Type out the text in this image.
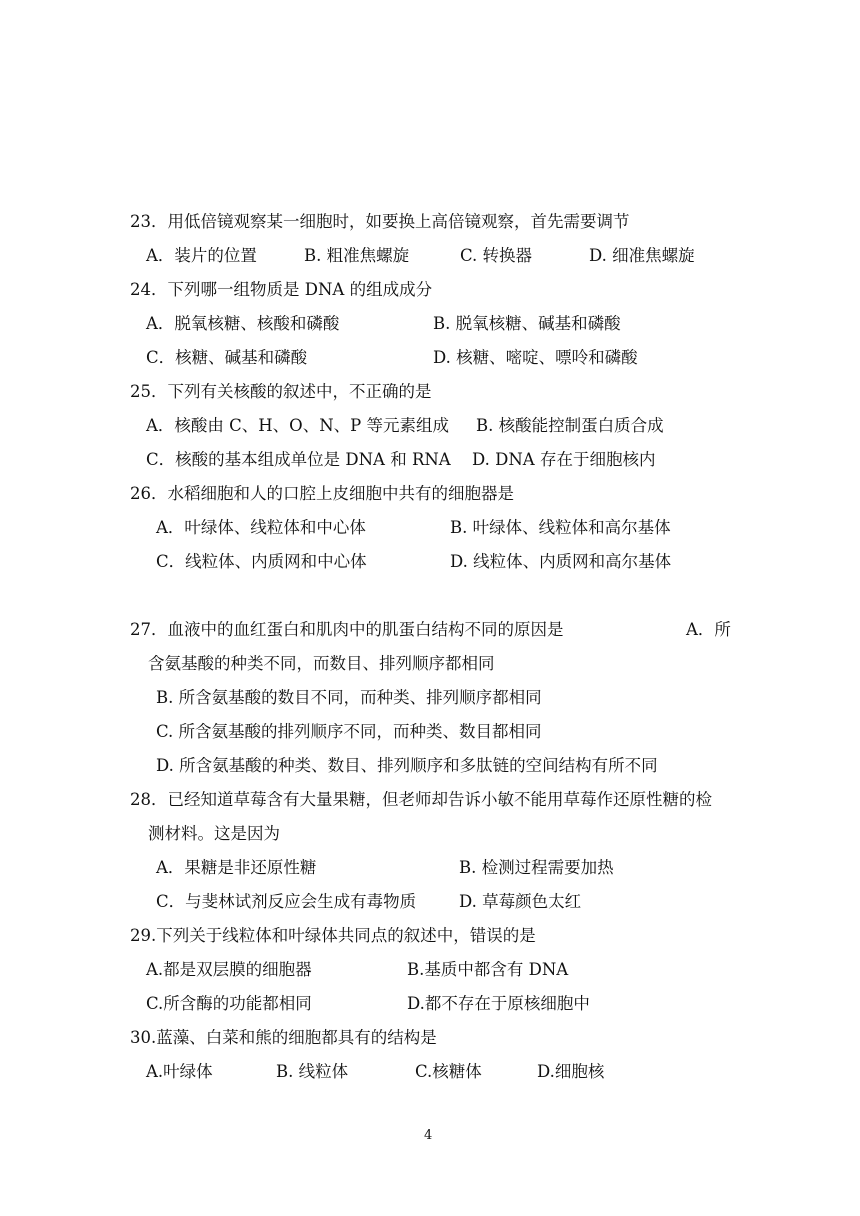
23．用低倍镜观察某一细胞时，如要换上高倍镜观察，首先需要调节
A．装片的位置	B. 粗准焦螺旋	C. 转换器	D. 细准焦螺旋
24．下列哪一组物质是 DNA 的组成成分
A．脱氧核糖、核酸和磷酸	B. 脱氧核糖、碱基和磷酸
C．核糖、碱基和磷酸	D. 核糖、嘧啶、嘌呤和磷酸
25．下列有关核酸的叙述中，不正确的是
A．核酸由 C、H、O、N、P 等元素组成 B. 核酸能控制蛋白质合成
C．核酸的基本组成单位是 DNA 和 RNA D. DNA 存在于细胞核内
26．水稻细胞和人的口腔上皮细胞中共有的细胞器是
A．叶绿体、线粒体和中心体	B. 叶绿体、线粒体和高尔基体
C．线粒体、内质网和中心体	D. 线粒体、内质网和高尔基体
27．血液中的血红蛋白和肌肉中的肌蛋白结构不同的原因是	A．所
含氨基酸的种类不同，而数目、排列顺序都相同
B. 所含氨基酸的数目不同，而种类、排列顺序都相同
C. 所含氨基酸的排列顺序不同，而种类、数目都相同
D. 所含氨基酸的种类、数目、排列顺序和多肽链的空间结构有所不同
28．已经知道草莓含有大量果糖，但老师却告诉小敏不能用草莓作还原性糖的检
测材料。这是因为
A．果糖是非还原性糖	B. 检测过程需要加热
C．与斐林试剂反应会生成有毒物质	D. 草莓颜色太红
29.下列关于线粒体和叶绿体共同点的叙述中，错误的是
A.都是双层膜的细胞器	B.基质中都含有 DNA
C.所含酶的功能都相同	D.都不存在于原核细胞中
30.蓝藻、白菜和熊的细胞都具有的结构是
A.叶绿体	B. 线粒体	C.核糖体	D.细胞核
4
